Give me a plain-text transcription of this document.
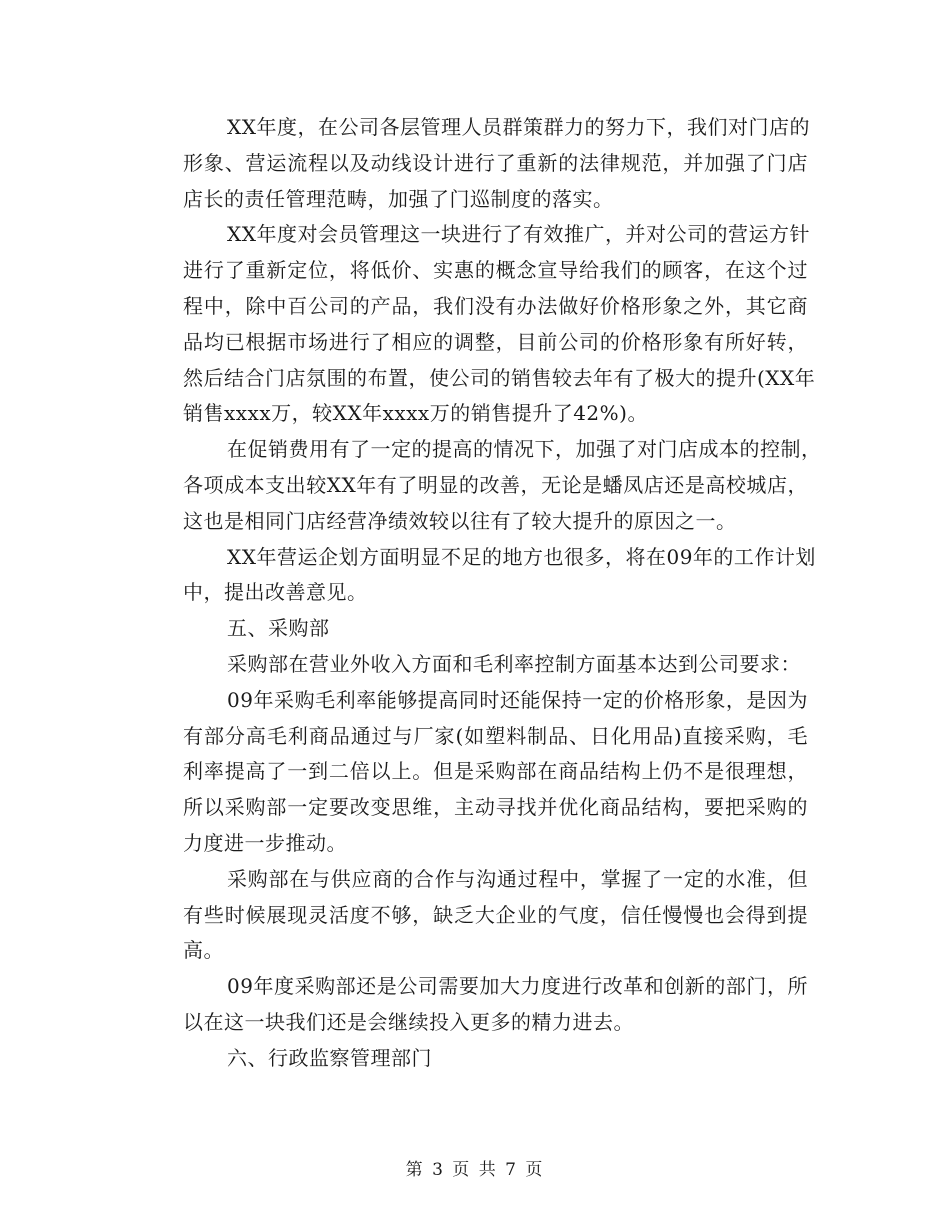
XX年度，在公司各层管理人员群策群力的努力下，我们对门店的
形象、营运流程以及动线设计进行了重新的法律规范，并加强了门店
店长的责任管理范畴，加强了门巡制度的落实。
XX年度对会员管理这一块进行了有效推广，并对公司的营运方针
进行了重新定位，将低价、实惠的概念宣导给我们的顾客，在这个过
程中，除中百公司的产品，我们没有办法做好价格形象之外，其它商
品均已根据市场进行了相应的调整，目前公司的价格形象有所好转，
然后结合门店氛围的布置，使公司的销售较去年有了极大的提升(XX年
销售xxxx万，较XX年xxxx万的销售提升了42%)。
在促销费用有了一定的提高的情况下，加强了对门店成本的控制，
各项成本支出较XX年有了明显的改善，无论是蟠凤店还是高校城店，
这也是相同门店经营净绩效较以往有了较大提升的原因之一。
XX年营运企划方面明显不足的地方也很多，将在09年的工作计划
中，提出改善意见。
五、采购部
采购部在营业外收入方面和毛利率控制方面基本达到公司要求：
09年采购毛利率能够提高同时还能保持一定的价格形象，是因为
有部分高毛利商品通过与厂家(如塑料制品、日化用品)直接采购，毛
利率提高了一到二倍以上。但是采购部在商品结构上仍不是很理想，
所以采购部一定要改变思维，主动寻找并优化商品结构，要把采购的
力度进一步推动。
采购部在与供应商的合作与沟通过程中，掌握了一定的水准，但
有些时候展现灵活度不够，缺乏大企业的气度，信任慢慢也会得到提
高。
09年度采购部还是公司需要加大力度进行改革和创新的部门，所
以在这一块我们还是会继续投入更多的精力进去。
六、行政监察管理部门
第 3 页 共 7 页
